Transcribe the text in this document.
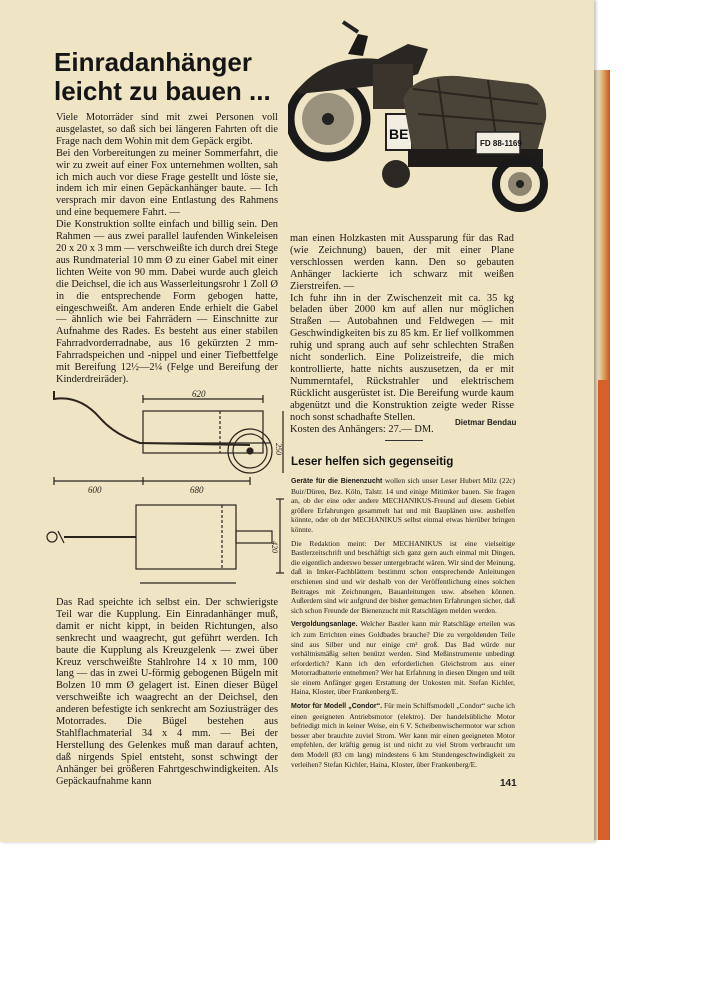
Einradanhänger
leicht zu bauen ...
BE
FD 88-1169

Viele Motorräder sind mit zwei Personen voll ausgelastet, so daß sich bei längeren Fahrten oft die Frage nach dem Wohin mit dem Gepäck ergibt.

Bei den Vorbereitungen zu meiner Sommerfahrt, die wir zu zweit auf einer Fox unternehmen wollten, sah ich mich auch vor diese Frage gestellt und löste sie, indem ich mir einen Gepäckanhänger baute. — Ich versprach mir davon eine Entlastung des Rahmens und eine bequemere Fahrt. —

Die Konstruktion sollte einfach und billig sein. Den Rahmen — aus zwei parallel laufenden Winkeleisen 20 x 20 x 3 mm — verschweißte ich durch drei Stege aus Rundmaterial 10 mm Ø zu einer Gabel mit einer lichten Weite von 90 mm. Dabei wurde auch gleich die Deichsel, die ich aus Wasserleitungsrohr 1 Zoll Ø in die entsprechende Form gebogen hatte, eingeschweißt. Am anderen Ende erhielt die Gabel — ähnlich wie bei Fahrrädern — Einschnitte zur Aufnahme des Rades. Es besteht aus einer stabilen Fahrradvorderradnabe, aus 16 gekürzten 2 mm-Fahrradspeichen und -nippel und einer Tiefbettfelge mit Bereifung 12½—2¼ (Felge und Bereifung der Kinderdreiräder).

620
600	680
250
420

Das Rad speichte ich selbst ein. Der schwierigste Teil war die Kupplung. Ein Einradanhänger muß, damit er nicht kippt, in beiden Richtungen, also senkrecht und waagrecht, gut geführt werden. Ich baute die Kupplung als Kreuzgelenk — zwei über Kreuz verschweißte Stahlrohre 14 x 10 mm, 100 lang — das in zwei U-förmig gebogenen Bügeln mit Bolzen 10 mm Ø gelagert ist. Einen dieser Bügel verschweißte ich waagrecht an der Deichsel, den anderen befestigte ich senkrecht am Soziusträger des Motorrades. Die Bügel bestehen aus Stahlflachmaterial 34 x 4 mm. — Bei der Herstellung des Gelenkes muß man darauf achten, daß nirgends Spiel entsteht, sonst schwingt der Anhänger bei größeren Fahrtgeschwindigkeiten. Als Gepäckaufnahme kann

man einen Holzkasten mit Aussparung für das Rad (wie Zeichnung) bauen, der mit einer Plane verschlossen werden kann. Den so gebauten Anhänger lackierte ich schwarz mit weißen Zierstreifen. —

Ich fuhr ihn in der Zwischenzeit mit ca. 35 kg beladen über 2000 km auf allen nur möglichen Straßen — Autobahnen und Feldwegen — mit Geschwindigkeiten bis zu 85 km. Er lief vollkommen ruhig und sprang auch auf sehr schlechten Straßen nicht sonderlich. Eine Polizeistreife, die mich kontrollierte, hatte nichts auszusetzen, da er mit Nummerntafel, Rückstrahler und elektrischem Rücklicht ausgerüstet ist. Die Bereifung wurde kaum abgenützt und die Konstruktion zeigte weder Risse noch sonst schadhafte Stellen.

Kosten des Anhängers: 27.— DM.

Dietmar Bendau
Leser helfen sich gegenseitig

Geräte für die Bienenzucht wollen sich unser Leser Hubert Milz (22c) Buir/Düren, Bez. Köln, Talstr. 14 und einige Mitimker bauen. Sie fragen an, ob der eine oder andere MECHANIKUS-Freund auf diesem Gebiet größere Erfahrungen gesammelt hat und mit Bauplänen usw. aushelfen könnte, oder ob der MECHANIKUS selbst einmal etwas hierüber bringen könnte.

Die Redaktion meint: Der MECHANIKUS ist eine vielseitige Bastlerzeitschrift und beschäftigt sich ganz gern auch einmal mit Dingen, die eigentlich anderswo besser untergebracht wären. Wir sind der Meinung, daß in Imker-Fachblättern bestimmt schon entsprechende Anleitungen erschienen sind und wir deshalb von der Veröffentlichung eines solchen Beitrages mit Zeichnungen, Bauanleitungen usw. absehen können. Außerdem sind wir aufgrund der bisher gemachten Erfahrungen sicher, daß sich schon Freunde der Bienenzucht mit Ratschlägen melden werden.

Vergoldungsanlage. Welcher Bastler kann mir Ratschläge erteilen was ich zum Errichten eines Goldbades brauche? Die zu vergoldenden Teile sind aus Silber und nur einige cm² groß. Das Bad würde nur verhältnismäßig selten benützt werden. Sind Meßinstrumente unbedingt erforderlich? Kann ich den erforderlichen Gleichstrom aus einer Motorradbatterie entnehmen? Wer hat Erfahrung in diesen Dingen und teilt sie einem Anfänger gegen Erstattung der Unkosten mit. Stefan Kichler, Haina, Kloster, über Frankenberg/E.

Motor für Modell „Condor“. Für mein Schiffsmodell „Condor“ suche ich einen geeigneten Antriebsmotor (elektro). Der handelsübliche Motor befriedigt mich in keiner Weise, ein 6 V. Scheibenwischermotor war schon besser aber brauchte zuviel Strom. Wer kann mir einen geeigneten Motor empfehlen, der kräftig genug ist und nicht zu viel Strom verbraucht um dem Modell (83 cm lang) mindestens 6 km Stundengeschwindigkeit zu verleihen? Stefan Kichler, Haina, Kloster, über Frankenberg/E.

141
